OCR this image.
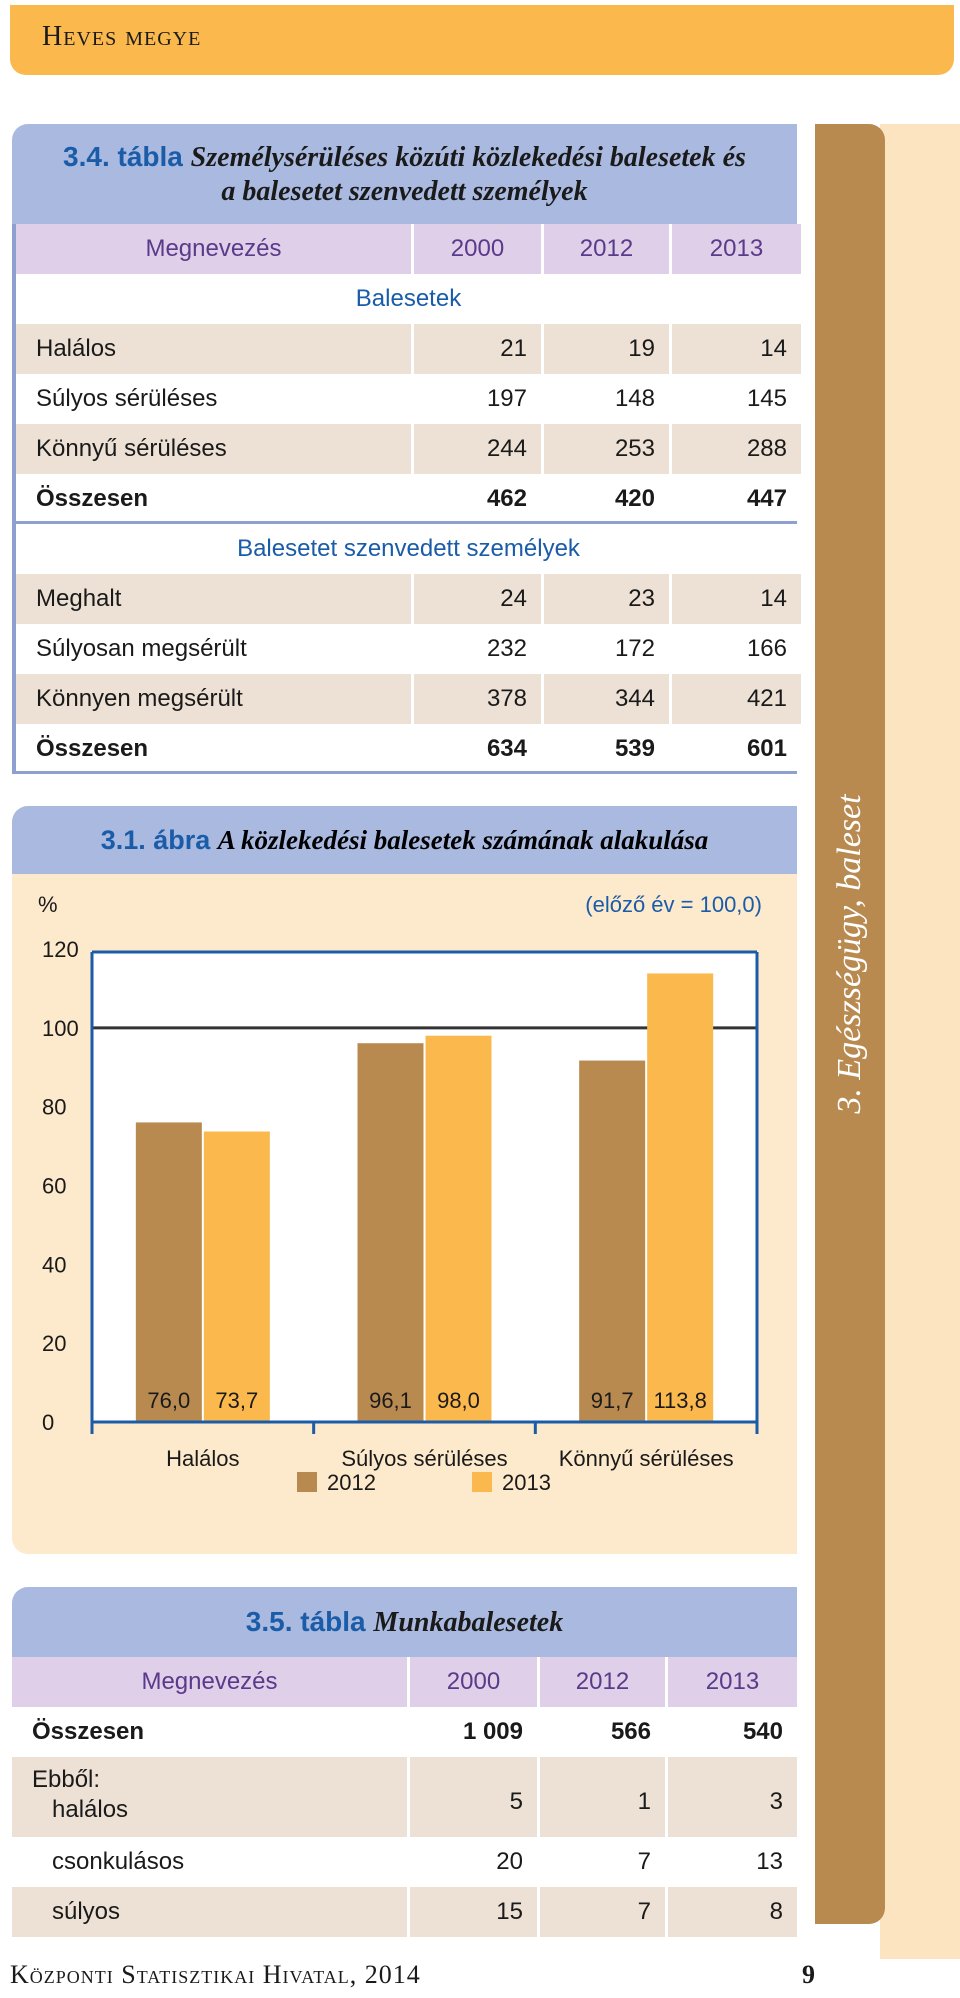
Heves megye
3. Egészségügy, baleset
3.4. tábla Személysérüléses közúti közlekedési balesetek és
a balesetet szenvedett személyek
Megnevezés	2000	2012	2013
Balesetek
Halálos	21	19	14
Súlyos sérüléses	197	148	145
Könnyű sérüléses	244	253	288
Összesen	462	420	447
Balesetet szenvedett személyek
Meghalt	24	23	14
Súlyosan megsérült	232	172	166
Könnyen megsérült	378	344	421
Összesen	634	539	601
3.1. ábra A közlekedési balesetek számának alakulása
0
20
40
60
80
100
120
%	(előző év = 100,0)
76,0 73,7
Halálos
96,1 98,0
Súlyos sérüléses
91,7 113,8
Könnyű sérüléses
2012	2013
3.5. tábla Munkabalesetek
Megnevezés	2000	2012	2013
Összesen	1 009	566	540
Ebből:
halálos	5	1	3
csonkulásos	20	7	13
súlyos	15	7	8
Központi Statisztikai Hivatal, 2014	9
